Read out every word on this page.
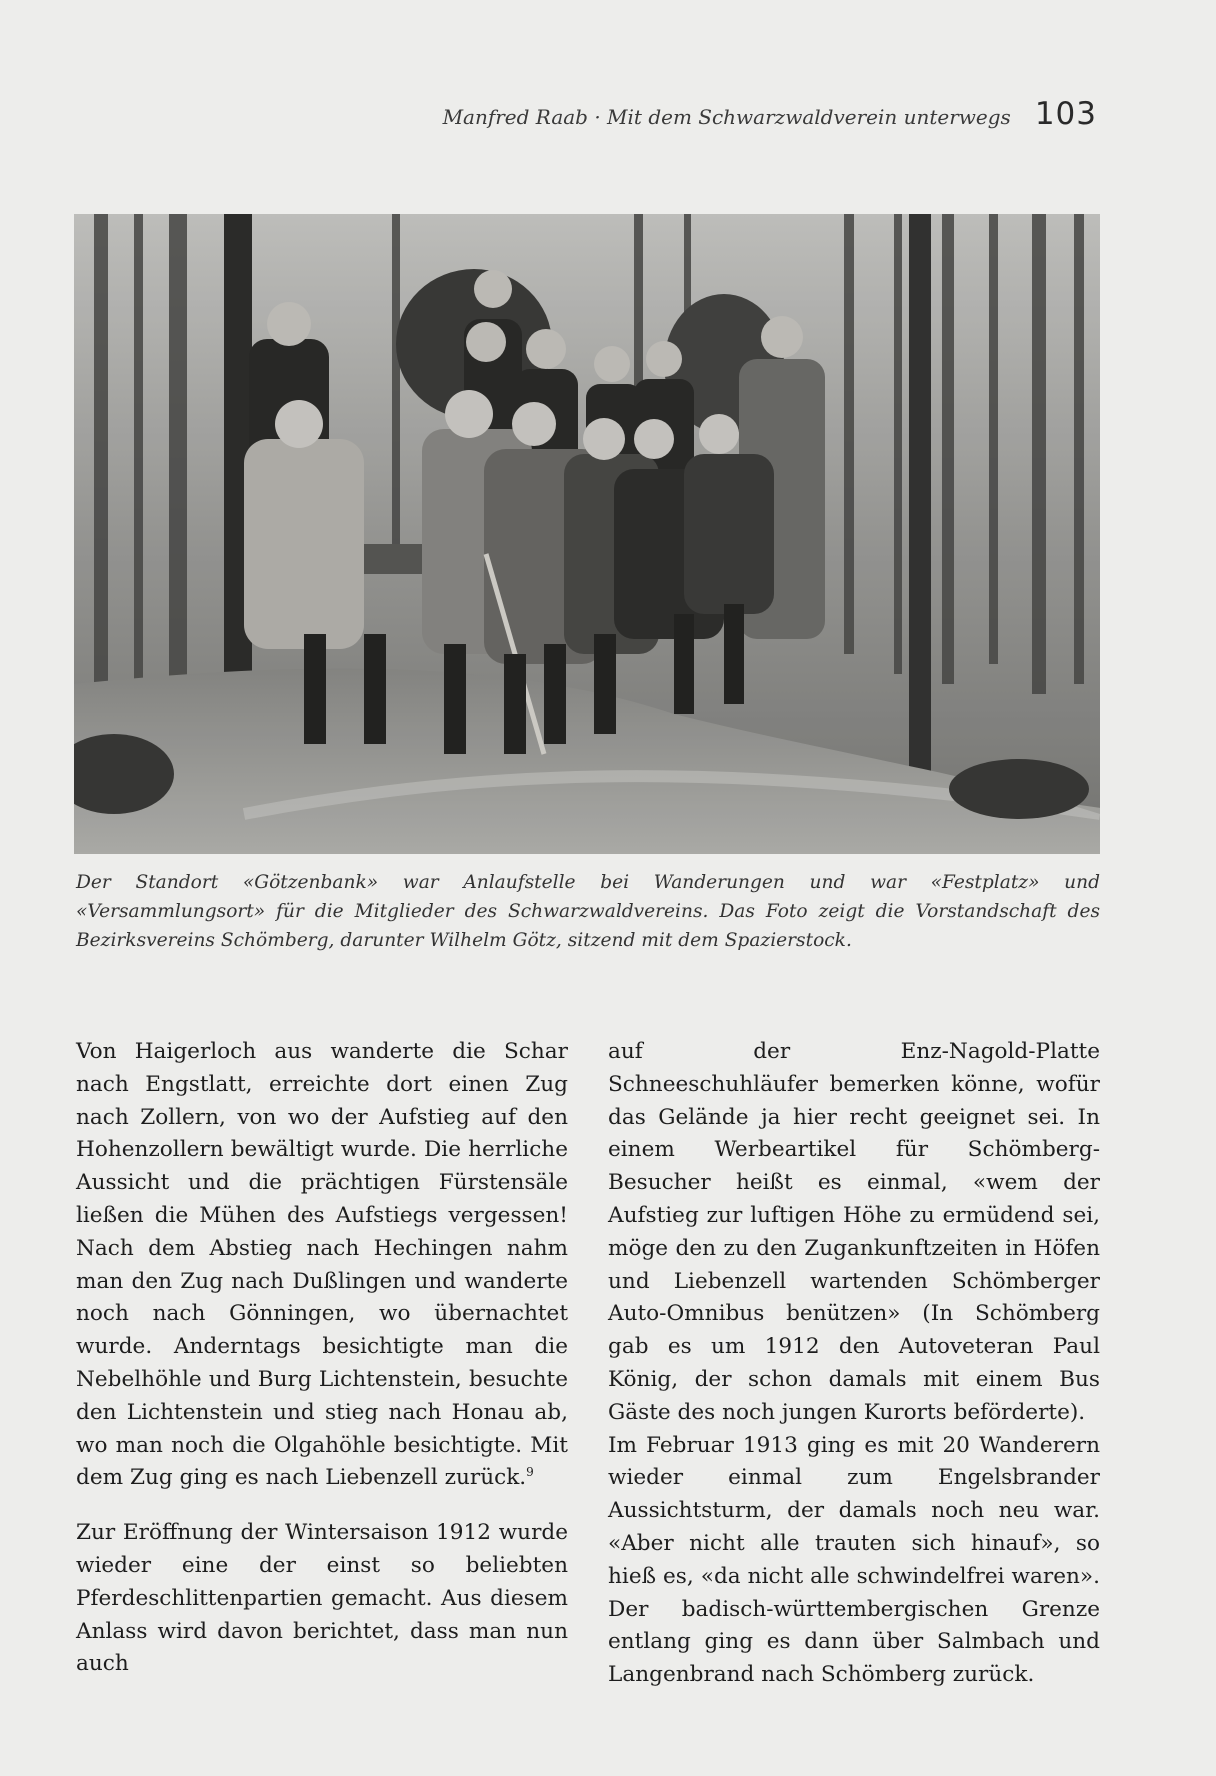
Manfred Raab · Mit dem Schwarzwaldverein unterwegs 103
Der Standort «Götzenbank» war Anlaufstelle bei Wanderungen und war «Festplatz» und «Versammlungsort» für die Mitglieder des Schwarzwaldvereins. Das Foto zeigt die Vorstandschaft des Bezirksvereins Schömberg, darunter Wilhelm Götz, sitzend mit dem Spazierstock.

Von Haigerloch aus wanderte die Schar nach Engstlatt, erreichte dort einen Zug nach Zollern, von wo der Aufstieg auf den Hohenzollern bewältigt wurde. Die herrliche Aussicht und die prächtigen Fürstensäle ließen die Mühen des Aufstiegs vergessen! Nach dem Abstieg nach Hechingen nahm man den Zug nach Dußlingen und wanderte noch nach Gönningen, wo übernachtet wurde. Anderntags besichtigte man die Nebelhöhle und Burg Lichtenstein, besuchte den Lichtenstein und stieg nach Honau ab, wo man noch die Olgahöhle besichtigte. Mit dem Zug ging es nach Liebenzell zurück.$^9$

Zur Eröffnung der Wintersaison 1912 wurde wieder eine der einst so beliebten Pferdeschlittenpartien gemacht. Aus diesem Anlass wird davon berichtet, dass man nun auch

auf der Enz-Nagold-Platte Schneeschuhläufer bemerken könne, wofür das Gelände ja hier recht geeignet sei. In einem Werbeartikel für Schömberg-Besucher heißt es einmal, «wem der Aufstieg zur luftigen Höhe zu ermüdend sei, möge den zu den Zugankunftzeiten in Höfen und Liebenzell wartenden Schömberger Auto-Omnibus benützen» (In Schömberg gab es um 1912 den Autoveteran Paul König, der schon damals mit einem Bus Gäste des noch jungen Kurorts beförderte).

Im Februar 1913 ging es mit 20 Wanderern wieder einmal zum Engelsbrander Aussichtsturm, der damals noch neu war. «Aber nicht alle trauten sich hinauf», so hieß es, «da nicht alle schwindelfrei waren». Der badisch-württembergischen Grenze entlang ging es dann über Salmbach und Langenbrand nach Schömberg zurück.
